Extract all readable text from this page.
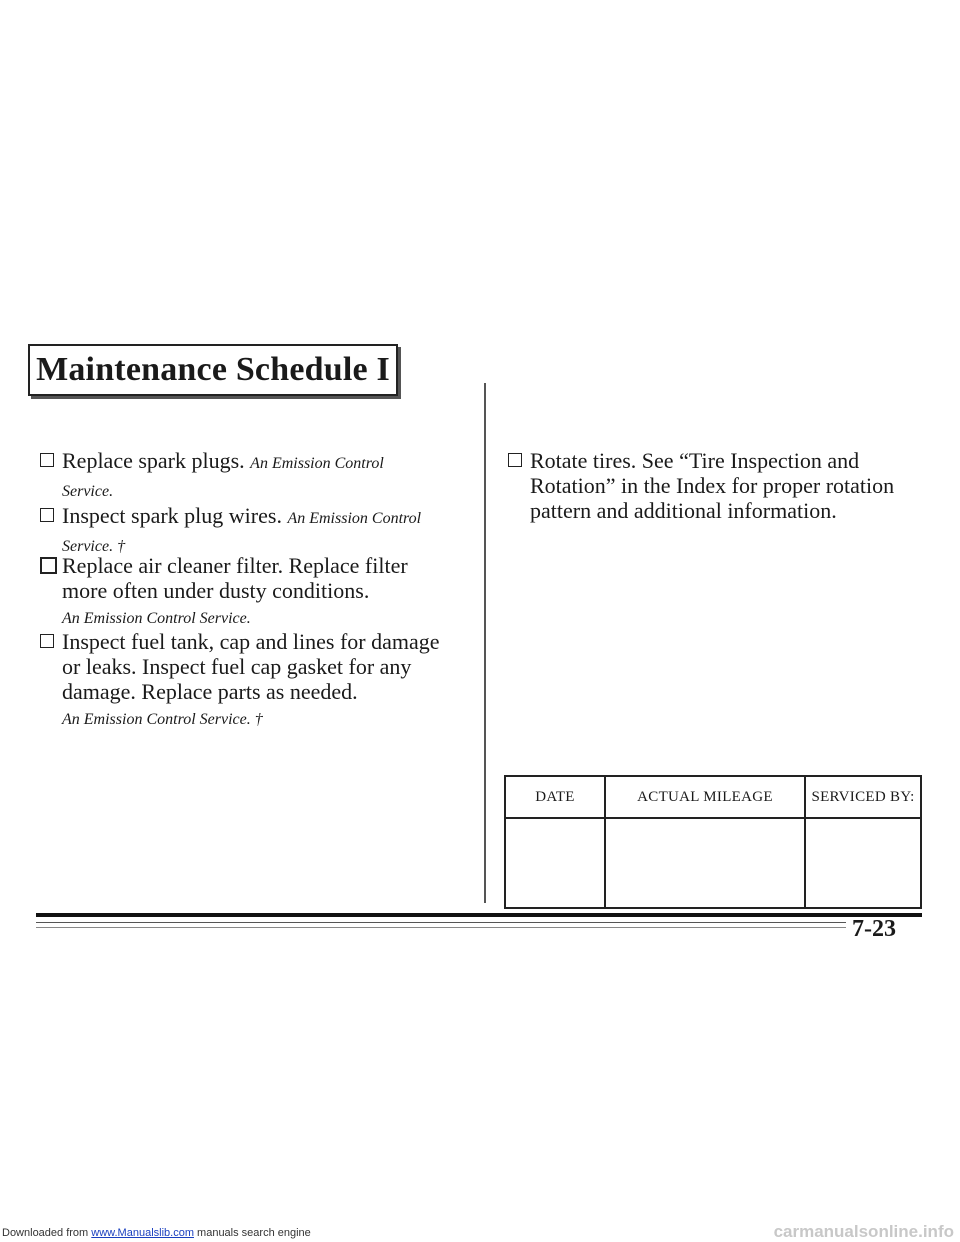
Maintenance Schedule I
Replace spark plugs. An Emission Control
Service.
Inspect spark plug wires. An Emission Control
Service. †
Replace air cleaner filter. Replace filter
more often under dusty conditions.
An Emission Control Service.
Inspect fuel tank, cap and lines for damage
or leaks. Inspect fuel cap gasket for any
damage. Replace parts as needed.
An Emission Control Service. †
Rotate tires. See “Tire Inspection and
Rotation” in the Index for proper rotation
pattern and additional information.
DATE	ACTUAL MILEAGE	SERVICED BY:

7-23
Downloaded from www.Manualslib.com manuals search engine	carmanualsonline.info
